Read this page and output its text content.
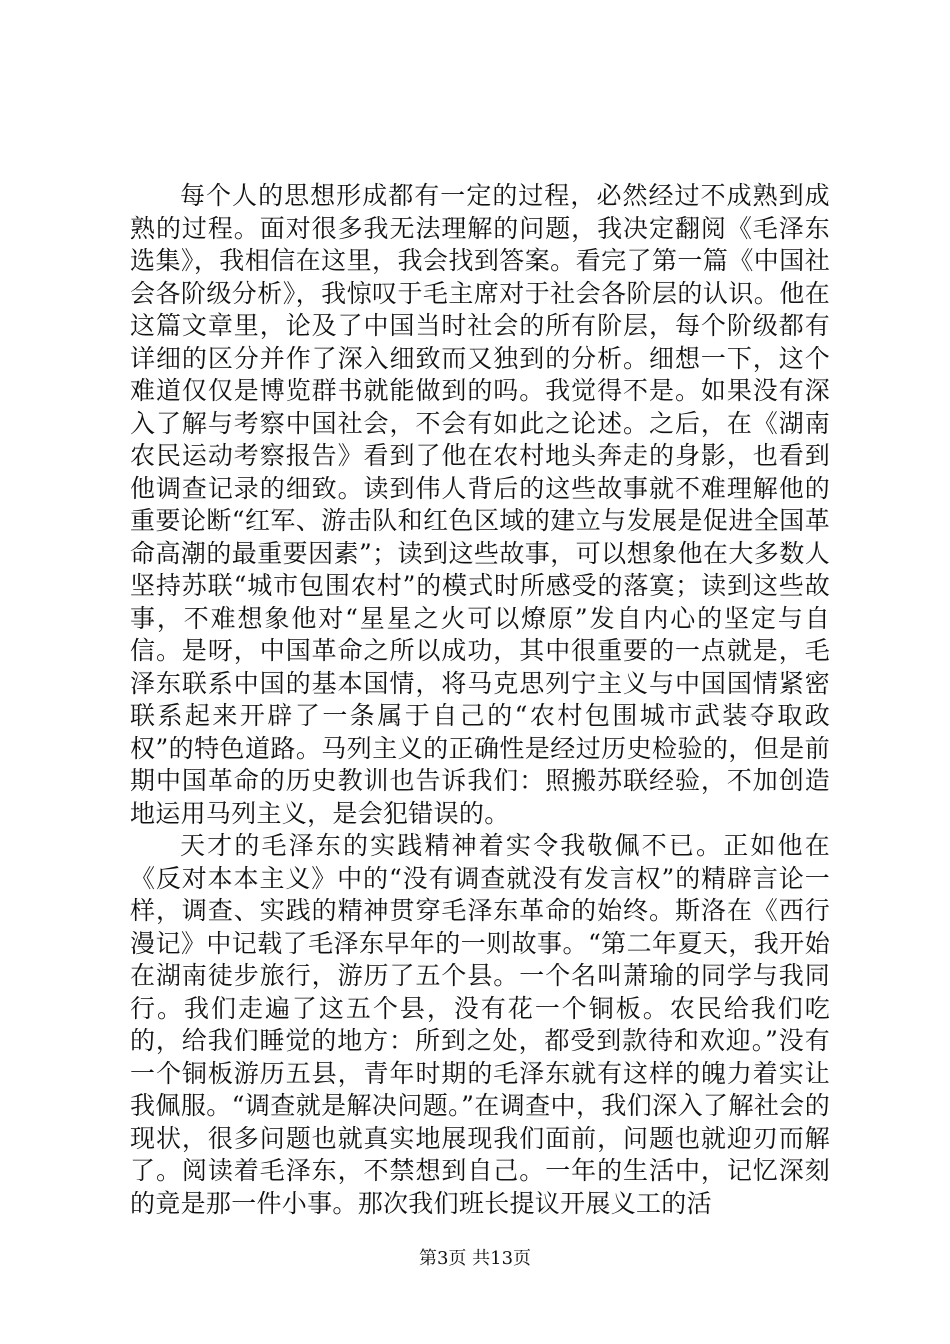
每个人的思想形成都有一定的过程，必然经过不成熟到成熟的过程。面对很多我无法理解的问题，我决定翻阅《毛泽东选集》，我相信在这里，我会找到答案。看完了第一篇《中国社会各阶级分析》，我惊叹于毛主席对于社会各阶层的认识。他在这篇文章里，论及了中国当时社会的所有阶层，每个阶级都有详细的区分并作了深入细致而又独到的分析。细想一下，这个难道仅仅是博览群书就能做到的吗。我觉得不是。如果没有深入了解与考察中国社会，不会有如此之论述。之后，在《湖南农民运动考察报告》看到了他在农村地头奔走的身影，也看到他调查记录的细致。读到伟人背后的这些故事就不难理解他的重要论断“红军、游击队和红色区域的建立与发展是促进全国革命高潮的最重要因素”；读到这些故事，可以想象他在大多数人坚持苏联“城市包围农村”的模式时所感受的落寞；读到这些故事，不难想象他对“星星之火可以燎原”发自内心的坚定与自信。是呀，中国革命之所以成功，其中很重要的一点就是，毛泽东联系中国的基本国情，将马克思列宁主义与中国国情紧密联系起来开辟了一条属于自己的“农村包围城市武装夺取政权”的特色道路。马列主义的正确性是经过历史检验的，但是前期中国革命的历史教训也告诉我们：照搬苏联经验，不加创造地运用马列主义，是会犯错误的。

天才的毛泽东的实践精神着实令我敬佩不已。正如他在《反对本本主义》中的“没有调查就没有发言权”的精辟言论一样，调查、实践的精神贯穿毛泽东革命的始终。斯洛在《西行漫记》中记载了毛泽东早年的一则故事。“第二年夏天，我开始在湖南徒步旅行，游历了五个县。一个名叫萧瑜的同学与我同行。我们走遍了这五个县，没有花一个铜板。农民给我们吃的，给我们睡觉的地方：所到之处，都受到款待和欢迎。”没有一个铜板游历五县，青年时期的毛泽东就有这样的魄力着实让我佩服。“调查就是解决问题。”在调查中，我们深入了解社会的现状，很多问题也就真实地展现我们面前，问题也就迎刃而解了。阅读着毛泽东，不禁想到自己。一年的生活中，记忆深刻的竟是那一件小事。那次我们班长提议开展义工的活

第3页 共13页
